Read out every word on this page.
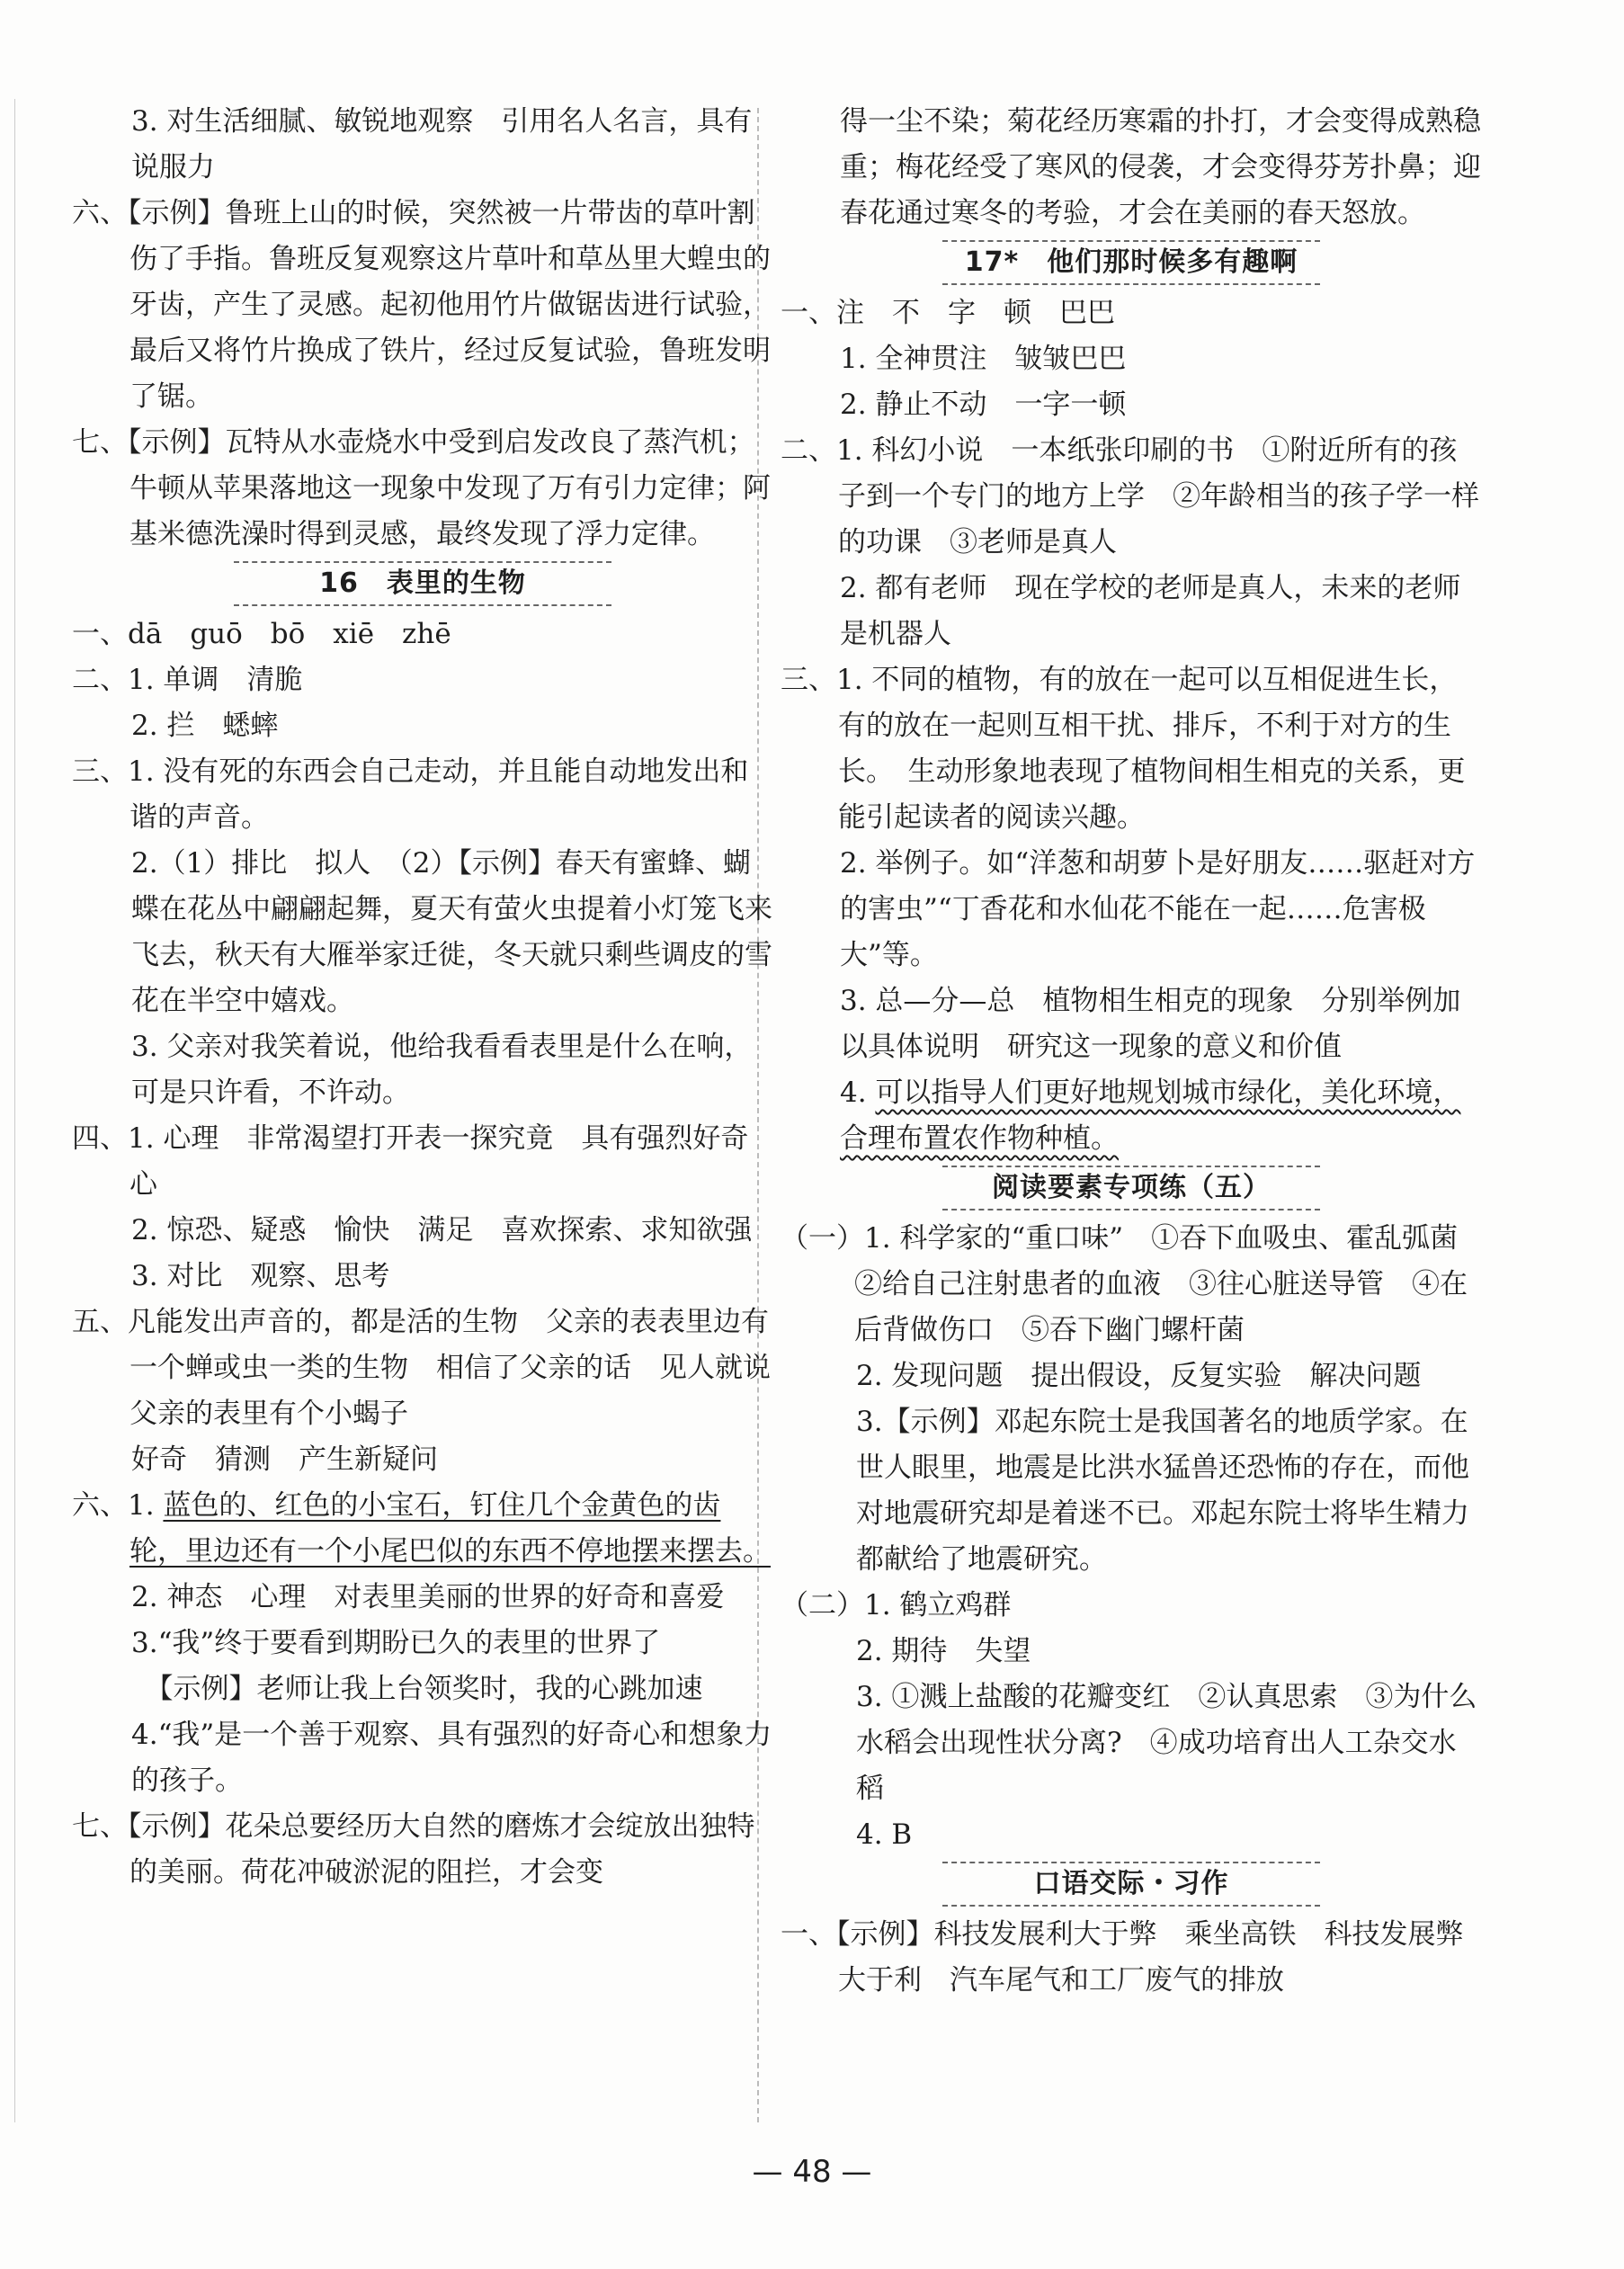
3. 对生活细腻、敏锐地观察　引用名人名言，具有说服力

六、【示例】鲁班上山的时候，突然被一片带齿的草叶割伤了手指。鲁班反复观察这片草叶和草丛里大蝗虫的牙齿，产生了灵感。起初他用竹片做锯齿进行试验，最后又将竹片换成了铁片，经过反复试验，鲁班发明了锯。

七、【示例】瓦特从水壶烧水中受到启发改良了蒸汽机；牛顿从苹果落地这一现象中发现了万有引力定律；阿基米德洗澡时得到灵感，最终发现了浮力定律。

16　表里的生物

一、dā　guō　bō　xiē　zhē

二、1. 单调　清脆

2. 拦　蟋蟀

三、1. 没有死的东西会自己走动，并且能自动地发出和谐的声音。

2.（1）排比　拟人　（2）【示例】春天有蜜蜂、蝴蝶在花丛中翩翩起舞，夏天有萤火虫提着小灯笼飞来飞去，秋天有大雁举家迁徙，冬天就只剩些调皮的雪花在半空中嬉戏。

3. 父亲对我笑着说，他给我看看表里是什么在响，可是只许看，不许动。

四、1. 心理　非常渴望打开表一探究竟　具有强烈好奇心

2. 惊恐、疑惑　愉快　满足　喜欢探索、求知欲强

3. 对比　观察、思考

五、凡能发出声音的，都是活的生物　父亲的表表里边有一个蝉或虫一类的生物　相信了父亲的话　见人就说父亲的表里有个小蝎子

好奇　猜测　产生新疑问

六、1. 蓝色的、红色的小宝石，钉住几个金黄色的齿轮，里边还有一个小尾巴似的东西不停地摆来摆去。

2. 神态　心理　对表里美丽的世界的好奇和喜爱

3.“我”终于要看到期盼已久的表里的世界了

　【示例】老师让我上台领奖时，我的心跳加速

4.“我”是一个善于观察、具有强烈的好奇心和想象力的孩子。

七、【示例】花朵总要经历大自然的磨炼才会绽放出独特的美丽。荷花冲破淤泥的阻拦，才会变

得一尘不染；菊花经历寒霜的扑打，才会变得成熟稳重；梅花经受了寒风的侵袭，才会变得芬芳扑鼻；迎春花通过寒冬的考验，才会在美丽的春天怒放。

17*　他们那时候多有趣啊

一、注　不　字　顿　巴巴

1. 全神贯注　皱皱巴巴

2. 静止不动　一字一顿

二、1. 科幻小说　一本纸张印刷的书　①附近所有的孩子到一个专门的地方上学　②年龄相当的孩子学一样的功课　③老师是真人

2. 都有老师　现在学校的老师是真人，未来的老师是机器人

三、1. 不同的植物，有的放在一起可以互相促进生长，有的放在一起则互相干扰、排斥，不利于对方的生长。　生动形象地表现了植物间相生相克的关系，更能引起读者的阅读兴趣。

2. 举例子。如“洋葱和胡萝卜是好朋友……驱赶对方的害虫”“丁香花和水仙花不能在一起……危害极大”等。

3. 总—分—总　植物相生相克的现象　分别举例加以具体说明　研究这一现象的意义和价值

4. 可以指导人们更好地规划城市绿化，美化环境，合理布置农作物种植。

阅读要素专项练（五）

（一）1. 科学家的“重口味”　①吞下血吸虫、霍乱弧菌　②给自己注射患者的血液　③往心脏送导管　④在后背做伤口　⑤吞下幽门螺杆菌

2. 发现问题　提出假设，反复实验　解决问题

3.【示例】邓起东院士是我国著名的地质学家。在世人眼里，地震是比洪水猛兽还恐怖的存在，而他对地震研究却是着迷不已。邓起东院士将毕生精力都献给了地震研究。

（二）1. 鹤立鸡群

2. 期待　失望

3. ①溅上盐酸的花瓣变红　②认真思索　③为什么水稻会出现性状分离?　④成功培育出人工杂交水稻

4. B

口语交际・习作

一、【示例】科技发展利大于弊　乘坐高铁　科技发展弊大于利　汽车尾气和工厂废气的排放

— 48 —
